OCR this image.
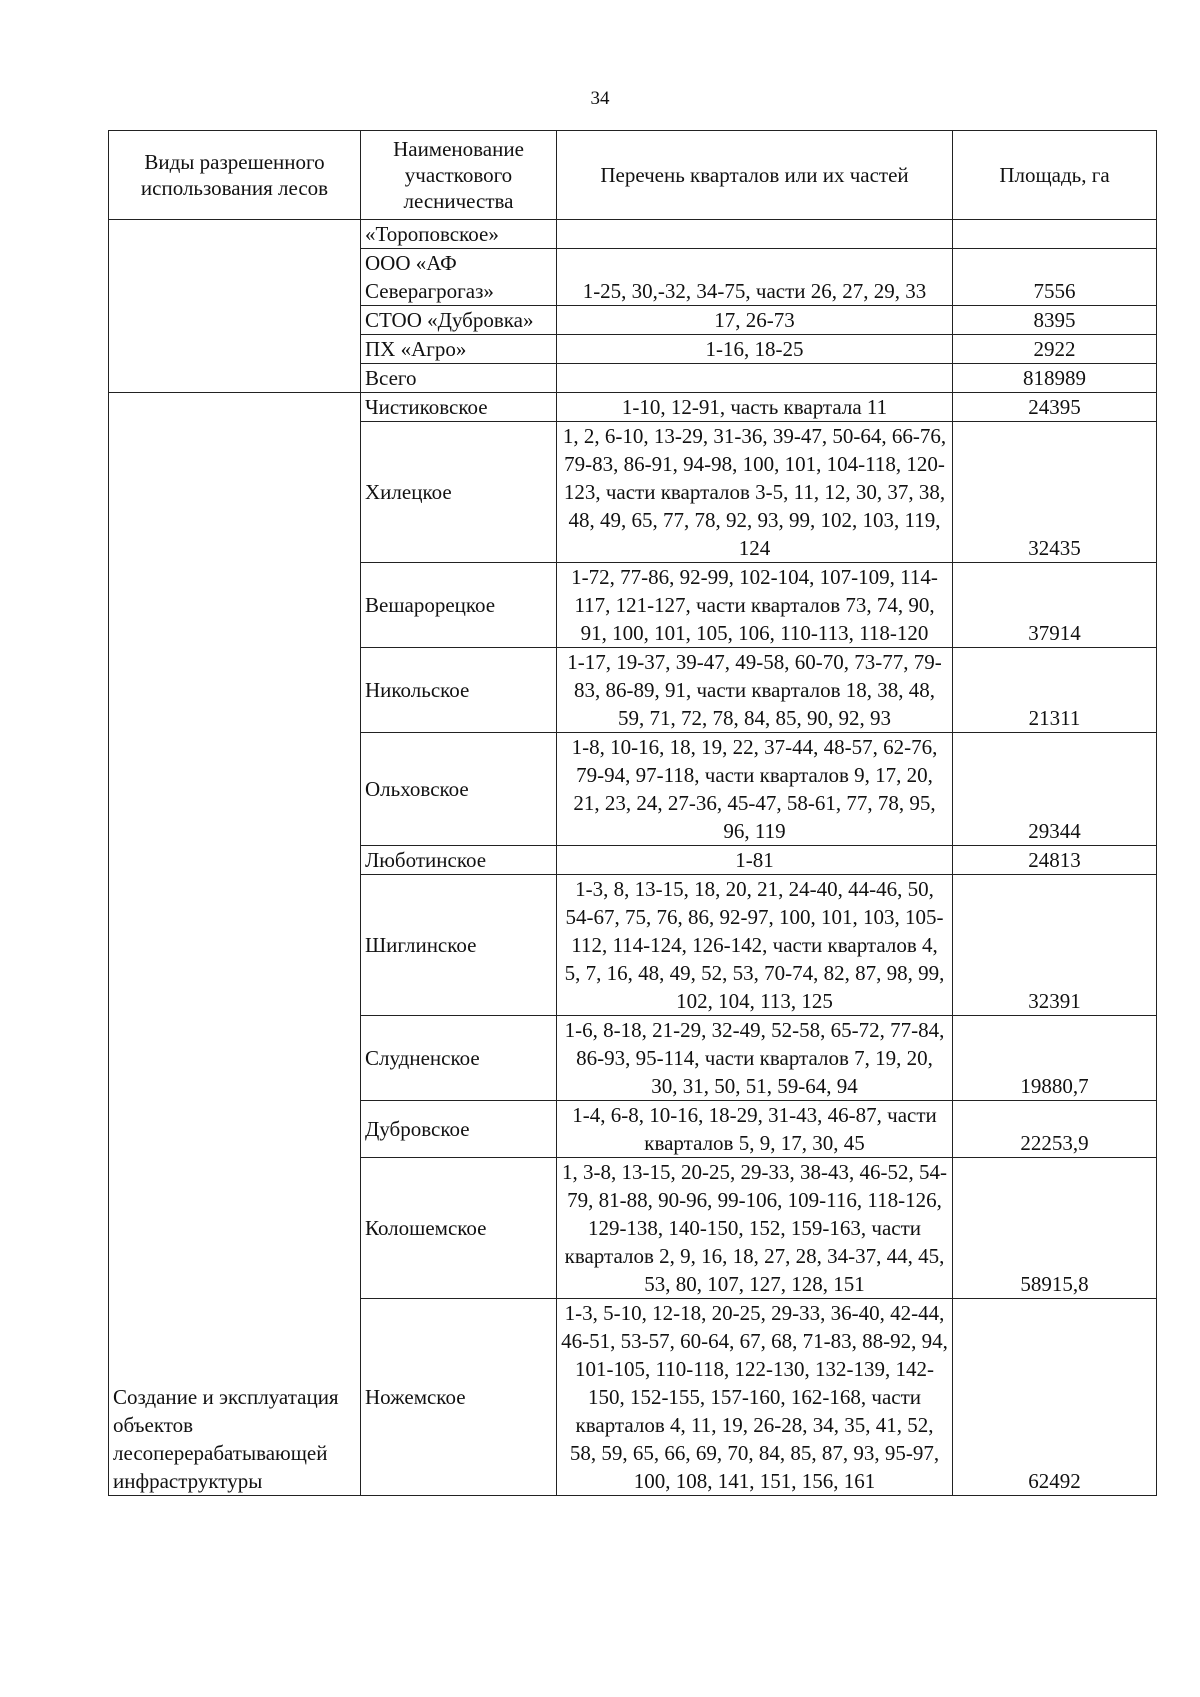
34
Виды разрешенного использования лесов	Наименование участкового лесничества	Перечень кварталов или их частей	Площадь, га
	«Тороповское»		
	ООО «АФ Северагрогаз»	1-25, 30,-32, 34-75, части 26, 27, 29, 33	7556
	СТОО «Дубровка»	17, 26-73	8395
	ПХ «Агро»	1-16, 18-25	2922
	Всего		818989
Создание и эксплуатация объектов лесоперерабатывающей инфраструктуры	Чистиковское	1-10, 12-91, часть квартала 11	24395
	Хилецкое	1, 2, 6-10, 13-29, 31-36, 39-47, 50-64, 66-76, 79-83, 86-91, 94-98, 100, 101, 104-118, 120-123, части кварталов 3-5, 11, 12, 30, 37, 38, 48, 49, 65, 77, 78, 92, 93, 99, 102, 103, 119, 124	32435
	Вешарорецкое	1-72, 77-86, 92-99, 102-104, 107-109, 114-117, 121-127, части кварталов 73, 74, 90, 91, 100, 101, 105, 106, 110-113, 118-120	37914
	Никольское	1-17, 19-37, 39-47, 49-58, 60-70, 73-77, 79-83, 86-89, 91, части кварталов 18, 38, 48, 59, 71, 72, 78, 84, 85, 90, 92, 93	21311
	Ольховское	1-8, 10-16, 18, 19, 22, 37-44, 48-57, 62-76, 79-94, 97-118, части кварталов 9, 17, 20, 21, 23, 24, 27-36, 45-47, 58-61, 77, 78, 95, 96, 119	29344
	Люботинское	1-81	24813
	Шиглинское	1-3, 8, 13-15, 18, 20, 21, 24-40, 44-46, 50, 54-67, 75, 76, 86, 92-97, 100, 101, 103, 105-112, 114-124, 126-142, части кварталов 4, 5, 7, 16, 48, 49, 52, 53, 70-74, 82, 87, 98, 99, 102, 104, 113, 125	32391
	Слудненское	1-6, 8-18, 21-29, 32-49, 52-58, 65-72, 77-84, 86-93, 95-114, части кварталов 7, 19, 20, 30, 31, 50, 51, 59-64, 94	19880,7
	Дубровское	1-4, 6-8, 10-16, 18-29, 31-43, 46-87, части кварталов 5, 9, 17, 30, 45	22253,9
	Колошемское	1, 3-8, 13-15, 20-25, 29-33, 38-43, 46-52, 54-79, 81-88, 90-96, 99-106, 109-116, 118-126, 129-138, 140-150, 152, 159-163, части кварталов 2, 9, 16, 18, 27, 28, 34-37, 44, 45, 53, 80, 107, 127, 128, 151	58915,8
	Ножемское	1-3, 5-10, 12-18, 20-25, 29-33, 36-40, 42-44, 46-51, 53-57, 60-64, 67, 68, 71-83, 88-92, 94, 101-105, 110-118, 122-130, 132-139, 142-150, 152-155, 157-160, 162-168, части кварталов 4, 11, 19, 26-28, 34, 35, 41, 52, 58, 59, 65, 66, 69, 70, 84, 85, 87, 93, 95-97, 100, 108, 141, 151, 156, 161	62492
